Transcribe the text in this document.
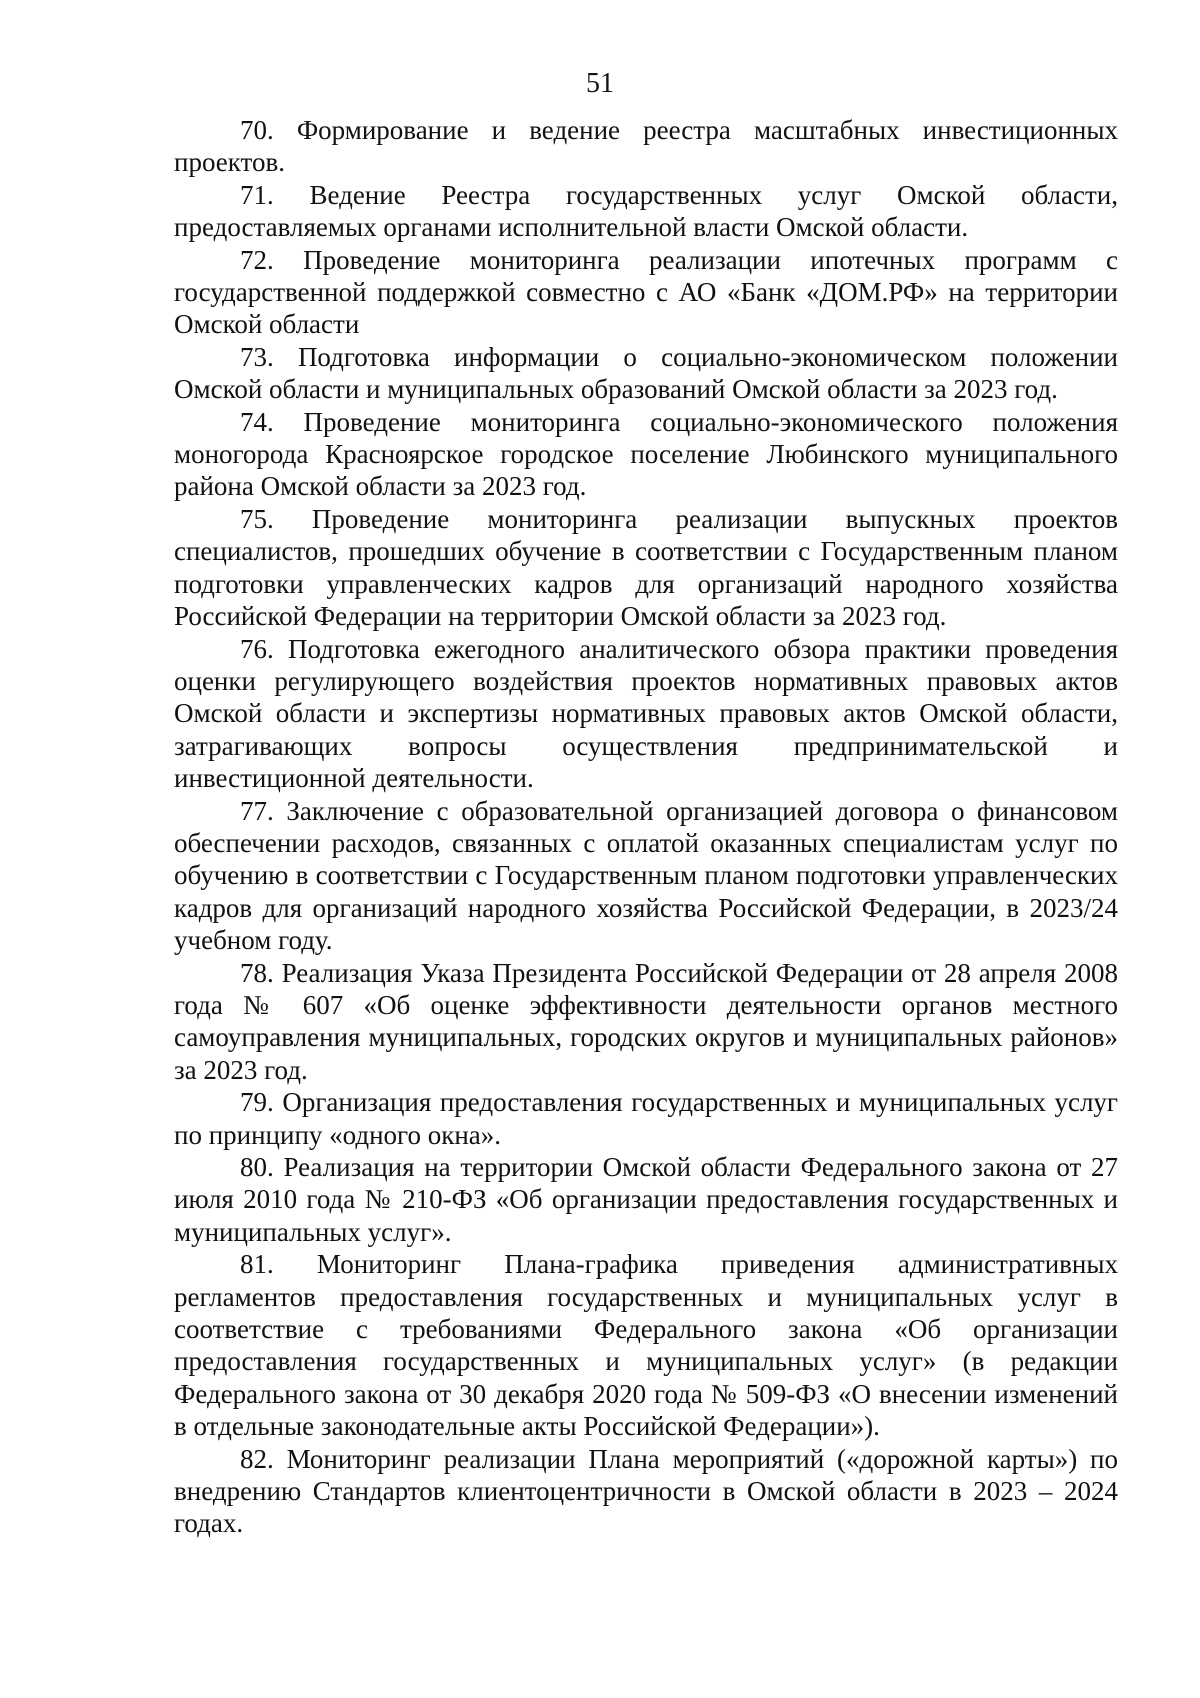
51

70. Формирование и ведение реестра масштабных инвестиционных проектов.

71. Ведение Реестра государственных услуг Омской области, предоставляемых органами исполнительной власти Омской области.

72. Проведение мониторинга реализации ипотечных программ с государственной поддержкой совместно с АО «Банк «ДОМ.РФ» на территории Омской области

73. Подготовка информации о социально-экономическом положении Омской области и муниципальных образований Омской области за 2023 год.

74. Проведение мониторинга социально-экономического положения моногорода Красноярское городское поселение Любинского муниципального района Омской области за 2023 год.

75. Проведение мониторинга реализации выпускных проектов специалистов, прошедших обучение в соответствии с Государственным планом подготовки управленческих кадров для организаций народного хозяйства Российской Федерации на территории Омской области за 2023 год.

76. Подготовка ежегодного аналитического обзора практики проведения оценки регулирующего воздействия проектов нормативных правовых актов Омской области и экспертизы нормативных правовых актов Омской области, затрагивающих вопросы осуществления предпринимательской и инвестиционной деятельности.

77. Заключение с образовательной организацией договора о финансовом обеспечении расходов, связанных с оплатой оказанных специалистам услуг по обучению в соответствии с Государственным планом подготовки управленческих кадров для организаций народного хозяйства Российской Федерации, в 2023/24 учебном году.

78. Реализация Указа Президента Российской Федерации от 28 апреля 2008 года № 607 «Об оценке эффективности деятельности органов местного самоуправления муниципальных, городских округов и муниципальных районов» за 2023 год.

79. Организация предоставления государственных и муниципальных услуг по принципу «одного окна».

80. Реализация на территории Омской области Федерального закона от 27 июля 2010 года № 210-ФЗ «Об организации предоставления государственных и муниципальных услуг».

81. Мониторинг Плана-графика приведения административных регламентов предоставления государственных и муниципальных услуг в соответствие с требованиями Федерального закона «Об организации предоставления государственных и муниципальных услуг» (в редакции Федерального закона от 30 декабря 2020 года № 509-ФЗ «О внесении изменений в отдельные законодательные акты Российской Федерации»).

82. Мониторинг реализации Плана мероприятий («дорожной карты») по внедрению Стандартов клиентоцентричности в Омской области в 2023 – 2024 годах.
